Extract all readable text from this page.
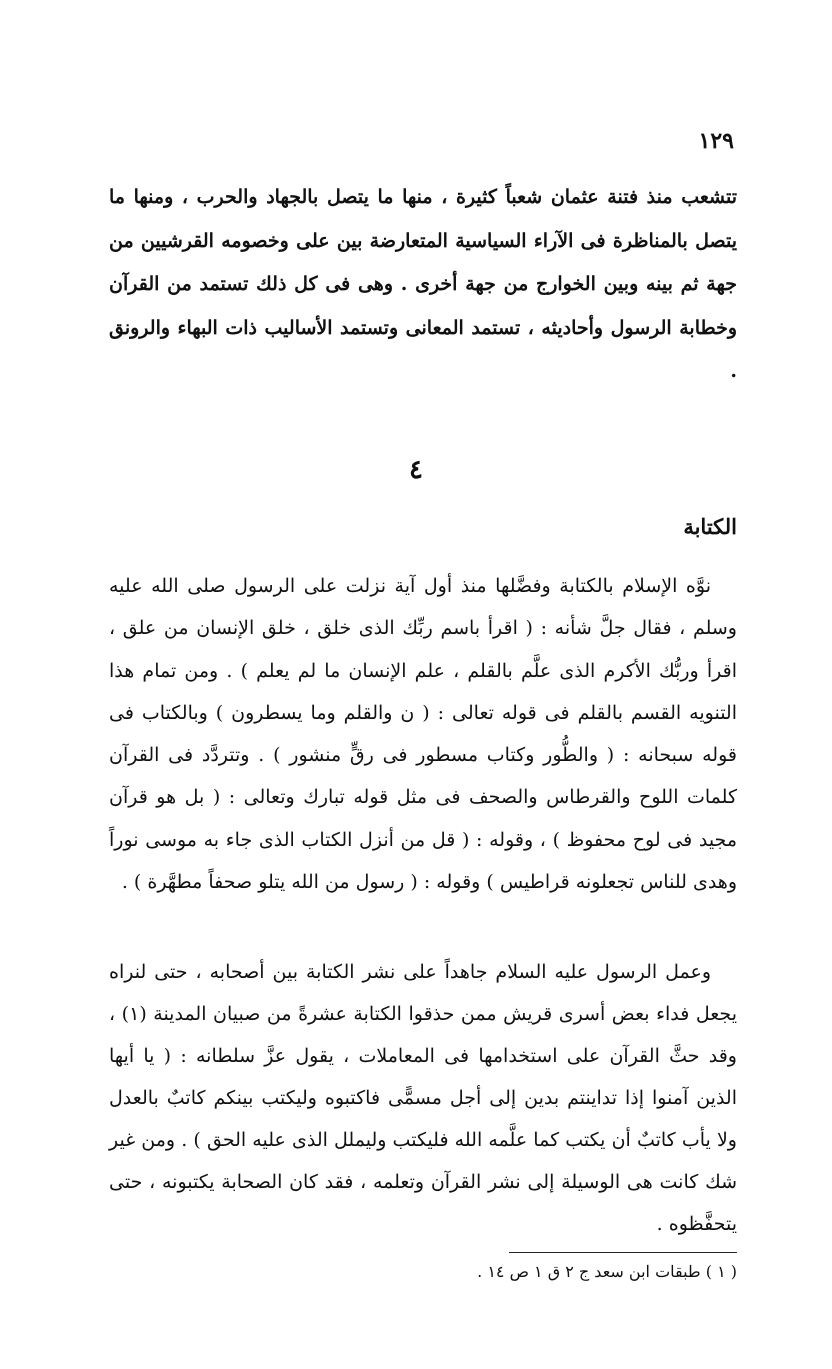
١٢٩
تتشعب منذ فتنة عثمان شعباً كثيرة ، منها ما يتصل بالجهاد والحرب ، ومنها ما يتصل بالمناظرة فى الآراء السياسية المتعارضة بين على وخصومه القرشيين من جهة ثم بينه وبين الخوارج من جهة أخرى . وهى فى كل ذلك تستمد من القرآن وخطابة الرسول وأحاديثه ، تستمد المعانى وتستمد الأساليب ذات البهاء والرونق .
٤
الكتابة
نوَّه الإسلام بالكتابة وفضَّلها منذ أول آية نزلت على الرسول صلى الله عليه وسلم ، فقال جلَّ شأنه : ( اقرأ باسم ربِّك الذى خلق ، خلق الإنسان من علق ، اقرأ وربُّك الأكرم الذى علَّم بالقلم ، علم الإنسان ما لم يعلم ) . ومن تمام هذا التنويه القسم بالقلم فى قوله تعالى : ( ن والقلم وما يسطرون ) وبالكتاب فى قوله سبحانه : ( والطُّور وكتاب مسطور فى رقٍّ منشور ) . وتتردَّد فى القرآن كلمات اللوح والقرطاس والصحف فى مثل قوله تبارك وتعالى : ( بل هو قرآن مجيد فى لوح محفوظ ) ، وقوله : ( قل من أنزل الكتاب الذى جاء به موسى نوراً وهدى للناس تجعلونه قراطيس ) وقوله : ( رسول من الله يتلو صحفاً مطهَّرة ) .
وعمل الرسول عليه السلام جاهداً على نشر الكتابة بين أصحابه ، حتى لنراه يجعل فداء بعض أسرى قريش ممن حذقوا الكتابة عشرةً من صبيان المدينة (١) ، وقد حثَّ القرآن على استخدامها فى المعاملات ، يقول عزَّ سلطانه : ( يا أيها الذين آمنوا إذا تداينتم بدين إلى أجل مسمًّى فاكتبوه وليكتب بينكم كاتبٌ بالعدل ولا يأب كاتبٌ أن يكتب كما علَّمه الله فليكتب وليملل الذى عليه الحق ) . ومن غير شك كانت هى الوسيلة إلى نشر القرآن وتعلمه ، فقد كان الصحابة يكتبونه ، حتى يتحفَّظوه .
( ١ ) طبقات ابن سعد ج ٢ ق ١ ص ١٤ .
